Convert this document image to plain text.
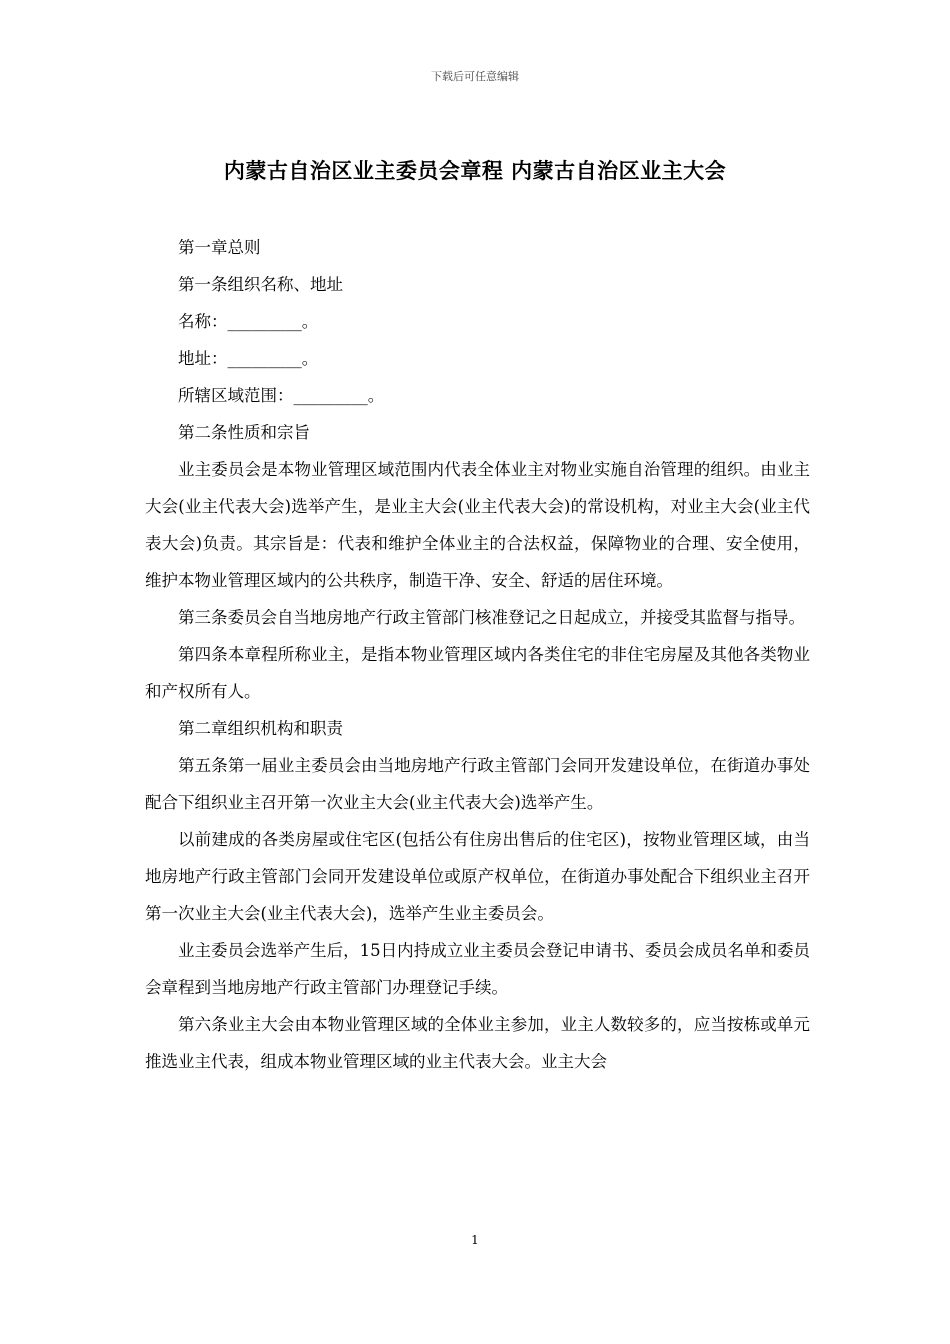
下载后可任意编辑
内蒙古自治区业主委员会章程 内蒙古自治区业主大会

第一章总则

第一条组织名称、地址

名称：_________。

地址：_________。

所辖区域范围：_________。

第二条性质和宗旨

业主委员会是本物业管理区域范围内代表全体业主对物业实施自治管理的组织。由业主大会(业主代表大会)选举产生，是业主大会(业主代表大会)的常设机构，对业主大会(业主代表大会)负责。其宗旨是：代表和维护全体业主的合法权益，保障物业的合理、安全使用，维护本物业管理区域内的公共秩序，制造干净、安全、舒适的居住环境。

第三条委员会自当地房地产行政主管部门核准登记之日起成立，并接受其监督与指导。

第四条本章程所称业主，是指本物业管理区域内各类住宅的非住宅房屋及其他各类物业和产权所有人。

第二章组织机构和职责

第五条第一届业主委员会由当地房地产行政主管部门会同开发建设单位，在街道办事处配合下组织业主召开第一次业主大会(业主代表大会)选举产生。

以前建成的各类房屋或住宅区(包括公有住房出售后的住宅区)，按物业管理区域，由当地房地产行政主管部门会同开发建设单位或原产权单位，在街道办事处配合下组织业主召开第一次业主大会(业主代表大会)，选举产生业主委员会。

业主委员会选举产生后，15日内持成立业主委员会登记申请书、委员会成员名单和委员会章程到当地房地产行政主管部门办理登记手续。

第六条业主大会由本物业管理区域的全体业主参加，业主人数较多的，应当按栋或单元推选业主代表，组成本物业管理区域的业主代表大会。业主大会

1
